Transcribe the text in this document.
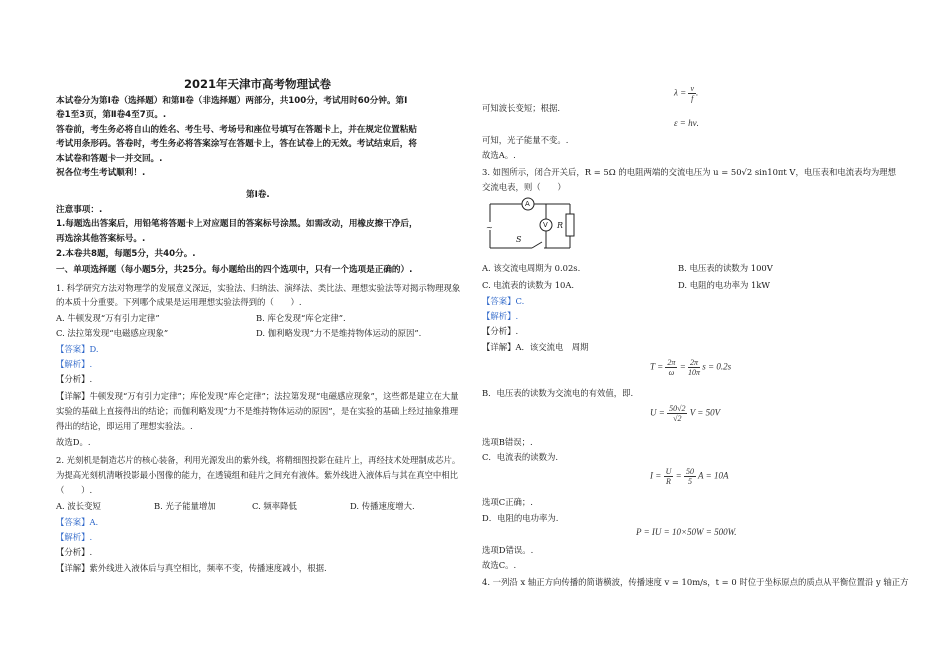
2021年天津市高考物理试卷
本试卷分为第Ⅰ卷（选择题）和第Ⅱ卷（非选择题）两部分，共100分，考试用时60分钟。第Ⅰ
卷1至3页，第Ⅱ卷4至7页。.
答卷前，考生务必将自山的姓名、考生号、考场号和座位号填写在答题卡上，并在规定位置粘贴
考试用条形码。答卷时，考生务必将答案涂写在答题卡上，答在试卷上的无效。考试结束后，将
本试卷和答题卡一并交回。.
祝各位考生考试顺利！.
第Ⅰ卷.
注意事项：.
1.每题选出答案后，用铅笔将答题卡上对应题目的答案标号涂黑。如需改动，用橡皮擦干净后，
再选涂其他答案标号。.
2.本卷共8题，每题5分，共40分。.
一、单项选择题（每小题5分，共25分。每小题给出的四个选项中，只有一个选项是正确的）.
1. 科学研究方法对物理学的发展意义深远，实验法、归纳法、演绎法、类比法、理想实验法等对揭示物理现象
的本质十分重要。下列哪个成果是运用理想实验法得到的（　　）.
A. 牛顿发现“万有引力定律”	B. 库仑发现“库仑定律”.
C. 法拉第发现“电磁感应现象”	D. 伽利略发现“力不是维持物体运动的原因”.
【答案】D.
【解析】.
【分析】.
【详解】牛顿发现“万有引力定律”；库伦发现“库仑定律”；法拉第发现“电磁感应现象”，这些都是建立在大量
实验的基础上直接得出的结论；而伽利略发现“力不是维持物体运动的原因”，是在实验的基础上经过抽象推理
得出的结论，即运用了理想实验法。.
故选D。.
2. 光刻机是制造芯片的核心装备，利用光源发出的紫外线，将精细图投影在硅片上，再经技术处理制成芯片。
为提高光刻机清晰投影最小图像的能力，在透镜组和硅片之间充有液体。紫外线进入液体后与其在真空中相比
（　　）.
A. 波长变短	B. 光子能量增加	C. 频率降低	D. 传播速度增大.
【答案】A.
【解析】.
【分析】.
【详解】紫外线进入液体后与真空相比，频率不变，传播速度减小，根据.
$\lambda = \frac{v}{f}$ .
可知波长变短；根据.
ε = hν.
可知，光子能量不变。.
故选A。.
3. 如图所示，闭合开关后，R = 5Ω 的电阻两端的交流电压为 u = 50√2 sin10πt V，电压表和电流表均为理想
交流电表，则（　　）
A
V R
S
~
A. 该交流电周期为 0.02s.	B. 电压表的读数为 100V
C. 电流表的读数为 10A.	D. 电阻的电功率为 1kW
【答案】C.
【解析】.
【分析】.
【详解】A．该交流电　周期
$T = \frac{2\pi}{\omega} = \frac{2\pi}{10\pi}$ s = 0.2s
B．电压表的读数为交流电的有效值，即.
$U = \frac{50√2}{√2}$ V = 50V
选项B错误；.
C．电流表的读数为.
$I = \frac{U}{R} = \frac{50}{5}$ A = 10A
选项C正确；.
D．电阻的电功率为.
P = IU = 10×50W = 500W.
选项D错误。.
故选C。.
4. 一列沿 x 轴正方向传播的简谐横波，传播速度 v = 10m/s，t = 0 时位于坐标原点的质点从平衡位置沿 y 轴正方
